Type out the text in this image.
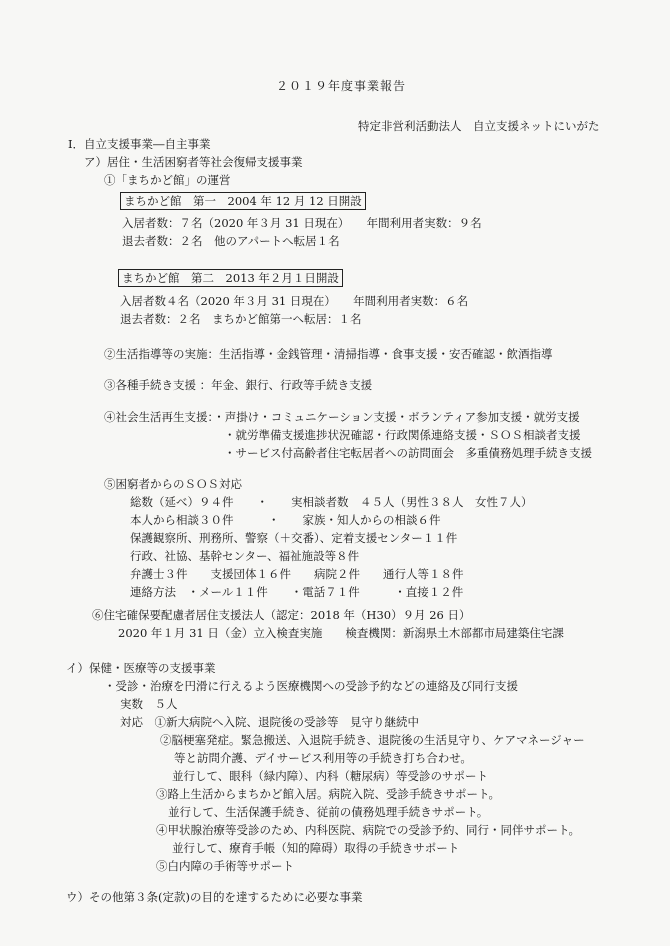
２０１９年度事業報告
特定非営利活動法人　自立支援ネットにいがた
Ⅰ．自立支援事業―自主事業
ア）居住・生活困窮者等社会復帰支援事業
①「まちかど館」の運営
まちかど館　第一　2004 年 12 月 12 日開設
入居者数：７名（2020 年３月 31 日現在）　　年間利用者実数：９名
退去者数：２名　他のアパートへ転居１名
まちかど館　第二　2013 年２月１日開設
入居者数４名（2020 年３月 31 日現在）　　年間利用者実数：６名
退去者数：２名　まちかど館第一へ転居：１名
②生活指導等の実施：生活指導・金銭管理・清掃指導・食事支援・安否確認・飲酒指導
③各種手続き支援 ：年金、銀行、行政等手続き支援
④社会生活再生支援：・声掛け・コミュニケーション支援・ボランティア参加支援・就労支援
・就労準備支援進捗状況確認・行政関係連絡支援・ＳＯＳ相談者支援
・サービス付高齢者住宅転居者への訪問面会　多重債務処理手続き支援
⑤困窮者からのＳＯＳ対応
総数（延べ）９４件　　・　　実相談者数　４５人（男性３８人　女性７人）
本人から相談３０件　　　・　　家族・知人からの相談６件
保護観察所、刑務所、警察（＋交番）、定着支援センター１１件
行政、社協、基幹センター、福祉施設等８件
弁護士３件　　支援団体１６件　　病院２件　　通行人等１８件
連絡方法　・メール１１件　　・電話７１件　　　・直接１２件
⑥住宅確保要配慮者居住支援法人（認定：2018 年（H30）９月 26 日）
2020 年１月 31 日（金）立入検査実施　　検査機関：新潟県土木部都市局建築住宅課
イ）保健・医療等の支援事業
・受診・治療を円滑に行えるよう医療機関への受診予約などの連絡及び同行支援
実数　５人
対応　①新大病院へ入院、退院後の受診等　見守り継続中
②脳梗塞発症。緊急搬送、入退院手続き、退院後の生活見守り、ケアマネージャー
等と訪問介護、デイサービス利用等の手続き打ち合わせ。
並行して、眼科（緑内障）、内科（糖尿病）等受診のサポート
③路上生活からまちかど館入居。病院入院、受診手続きサポート。
並行して、生活保護手続き、従前の債務処理手続きサポート。
④甲状腺治療等受診のため、内科医院、病院での受診予約、同行・同伴サポート。
並行して、療育手帳（知的障碍）取得の手続きサポート
⑤白内障の手術等サポート
ウ）その他第３条(定款)の目的を達するために必要な事業
